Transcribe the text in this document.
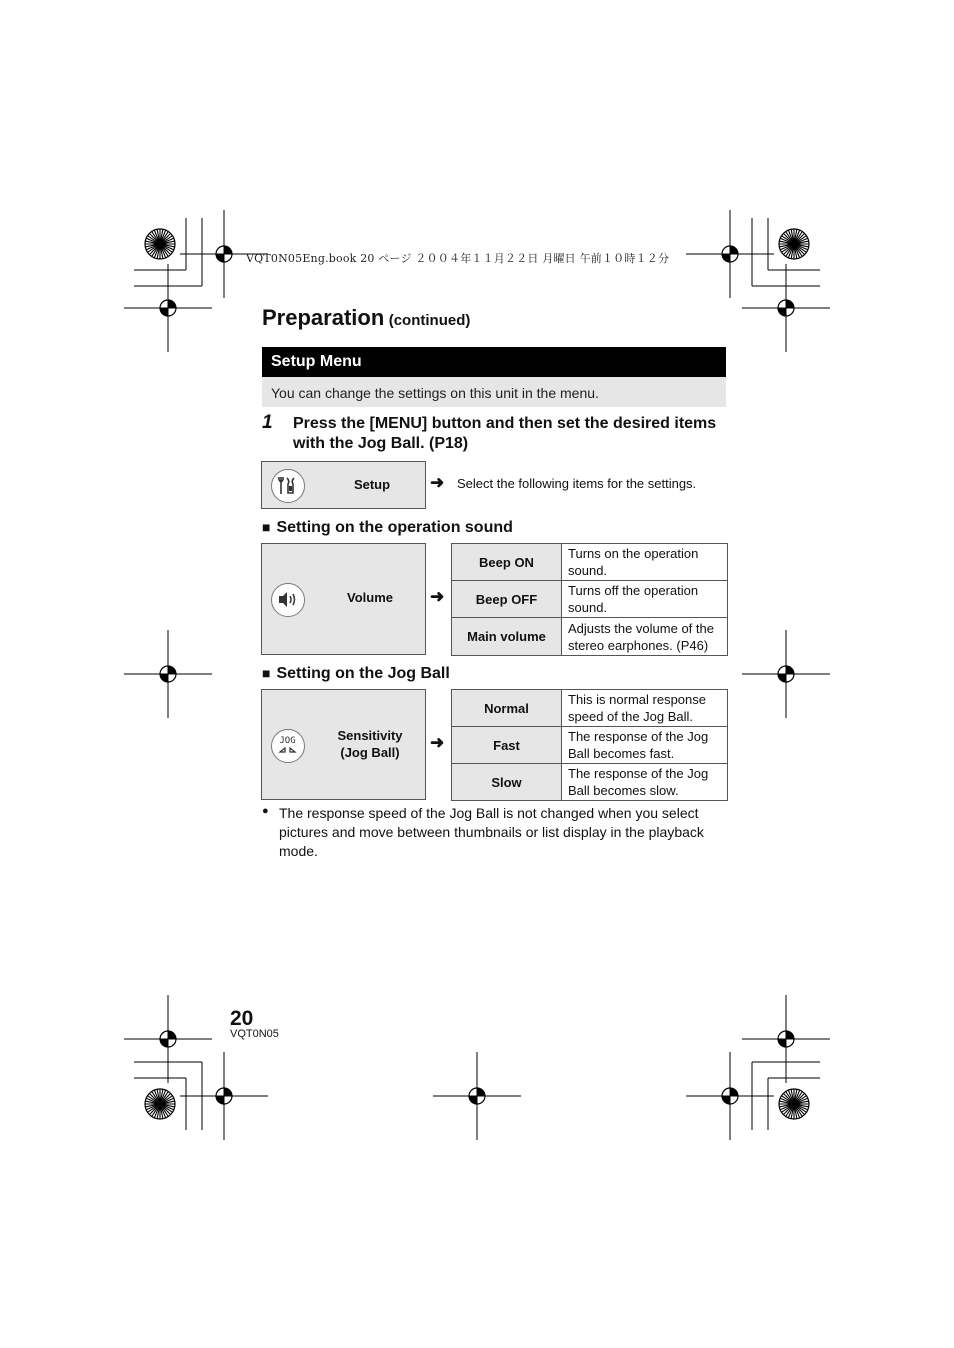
VQT0N05Eng.book 20 ページ ２００４年１１月２２日 月曜日 午前１０時１２分
Preparation (continued)
Setup Menu
You can change the settings on this unit in the menu.
1 Press the [MENU] button and then set the desired items with the Jog Ball. (P18)
Setup	➜ Select the following items for the settings.
■ Setting on the operation sound
Volume	➜
Beep ON	Turns on the operation sound.
Beep OFF	Turns off the operation sound.
Main volume	Adjusts the volume of the stereo earphones. (P46)
■ Setting on the Jog Ball
JOG	Sensitivity
(Jog Ball)
➜
Normal	This is normal response speed of the Jog Ball.
Fast	The response of the Jog Ball becomes fast.
Slow	The response of the Jog Ball becomes slow.
● The response speed of the Jog Ball is not changed when you select pictures and move between thumbnails or list display in the playback mode.
20
VQT0N05
